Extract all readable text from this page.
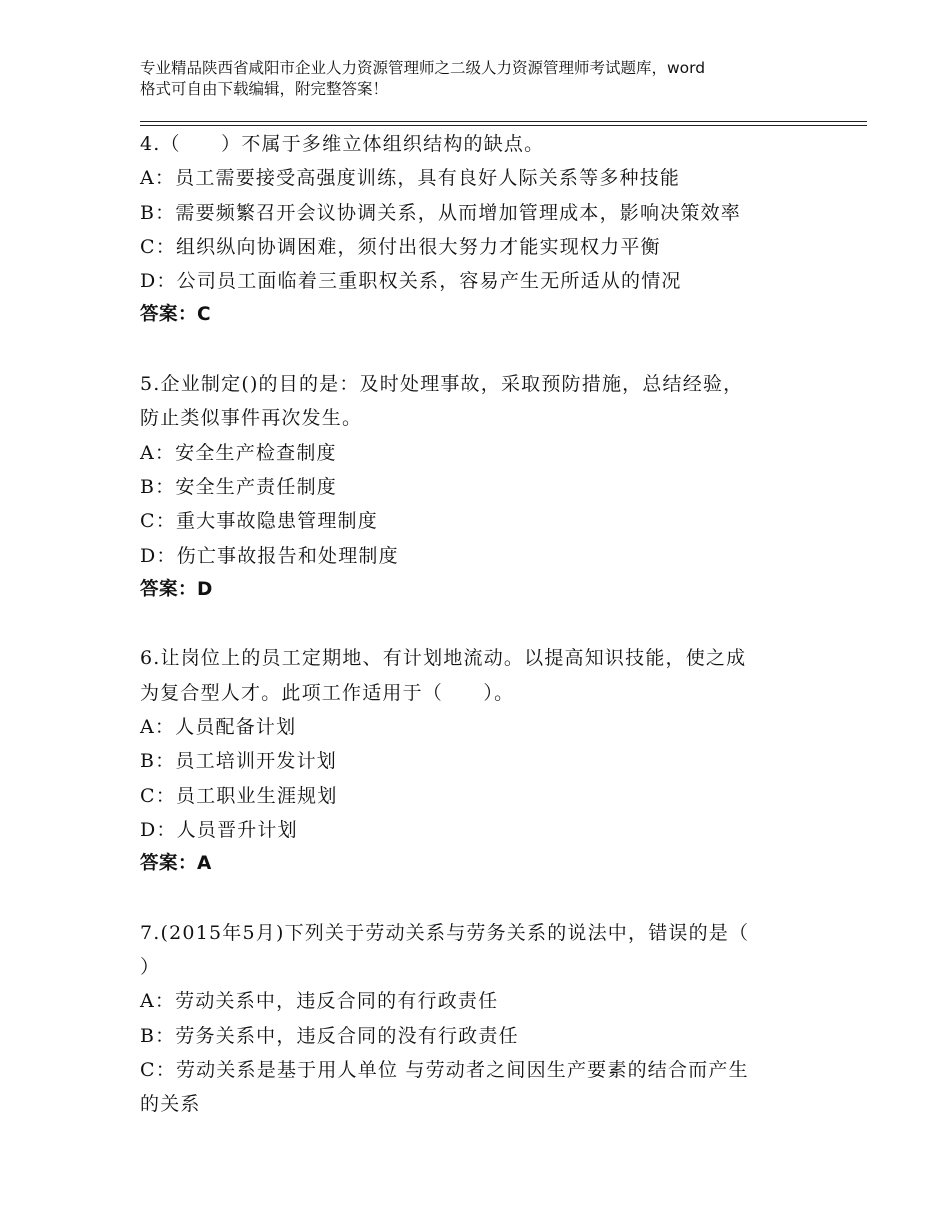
专业精品陕西省咸阳市企业人力资源管理师之二级人力资源管理师考试题库，word
格式可自由下载编辑，附完整答案！
4.（　　）不属于多维立体组织结构的缺点。
A：员工需要接受高强度训练，具有良好人际关系等多种技能
B：需要频繁召开会议协调关系，从而增加管理成本，影响决策效率
C：组织纵向协调困难，须付出很大努力才能实现权力平衡
D：公司员工面临着三重职权关系，容易产生无所适从的情况
答案：C
5.企业制定()的目的是：及时处理事故，采取预防措施，总结经验，
防止类似事件再次发生。
A：安全生产检查制度
B：安全生产责任制度
C：重大事故隐患管理制度
D：伤亡事故报告和处理制度
答案：D
6.让岗位上的员工定期地、有计划地流动。以提高知识技能，使之成
为复合型人才。此项工作适用于（　　）。
A：人员配备计划
B：员工培训开发计划
C：员工职业生涯规划
D：人员晋升计划
答案：A
7.(2015年5月)下列关于劳动关系与劳务关系的说法中，错误的是（
）
A：劳动关系中，违反合同的有行政责任
B：劳务关系中，违反合同的没有行政责任
C：劳动关系是基于用人单位 与劳动者之间因生产要素的结合而产生
的关系
